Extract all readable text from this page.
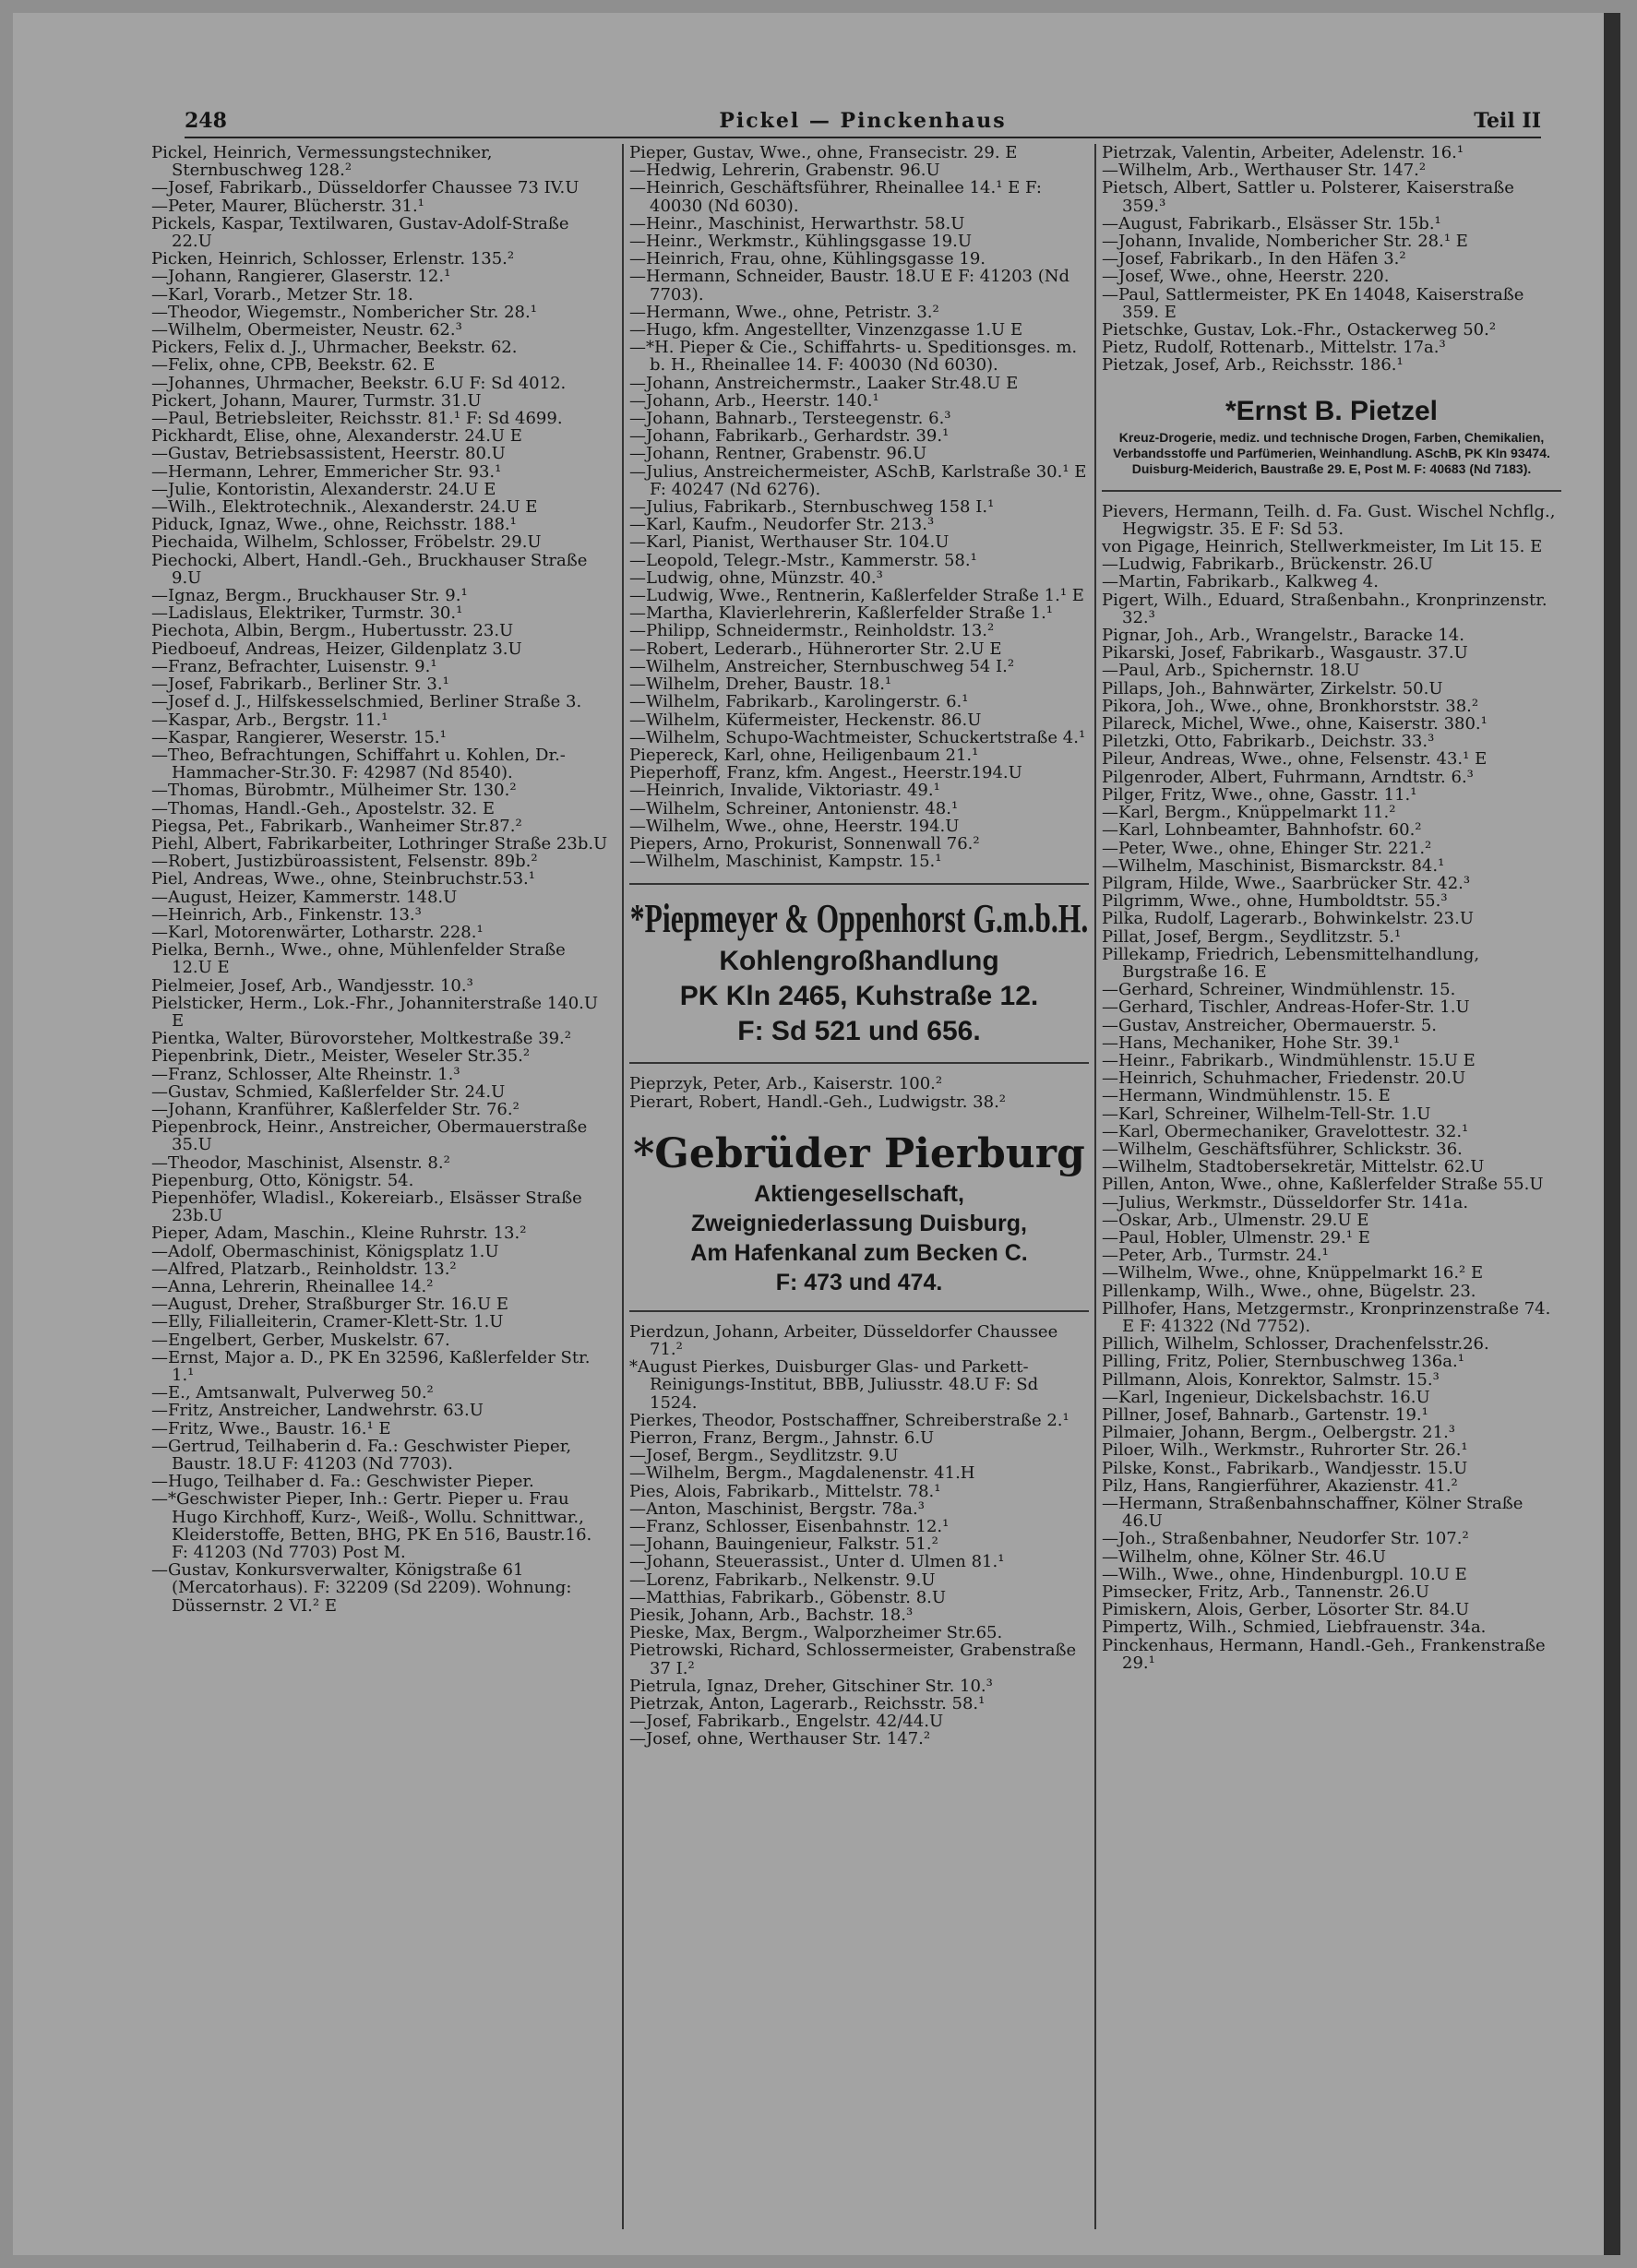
248	Pickel — Pinckenhaus	Teil II
Pickel, Heinrich, Vermessungstechniker, Sternbuschweg 128.²
—Josef, Fabrikarb., Düsseldorfer Chaussee 73 IV.U
—Peter, Maurer, Blücherstr. 31.¹
Pickels, Kaspar, Textilwaren, Gustav-Adolf-Straße 22.U
Picken, Heinrich, Schlosser, Erlenstr. 135.²
—Johann, Rangierer, Glaserstr. 12.¹
—Karl, Vorarb., Metzer Str. 18.
—Theodor, Wiegemstr., Nombericher Str. 28.¹
—Wilhelm, Obermeister, Neustr. 62.³
Pickers, Felix d. J., Uhrmacher, Beekstr. 62.
—Felix, ohne, CPB, Beekstr. 62. E
—Johannes, Uhrmacher, Beekstr. 6.U F: Sd 4012.
Pickert, Johann, Maurer, Turmstr. 31.U
—Paul, Betriebsleiter, Reichsstr. 81.¹ F: Sd 4699.
Pickhardt, Elise, ohne, Alexanderstr. 24.U E
—Gustav, Betriebsassistent, Heerstr. 80.U
—Hermann, Lehrer, Emmericher Str. 93.¹
—Julie, Kontoristin, Alexanderstr. 24.U E
—Wilh., Elektrotechnik., Alexanderstr. 24.U E
Piduck, Ignaz, Wwe., ohne, Reichsstr. 188.¹
Piechaida, Wilhelm, Schlosser, Fröbelstr. 29.U
Piechocki, Albert, Handl.-Geh., Bruckhauser Straße 9.U
—Ignaz, Bergm., Bruckhauser Str. 9.¹
—Ladislaus, Elektriker, Turmstr. 30.¹
Piechota, Albin, Bergm., Hubertusstr. 23.U
Piedboeuf, Andreas, Heizer, Gildenplatz 3.U
—Franz, Befrachter, Luisenstr. 9.¹
—Josef, Fabrikarb., Berliner Str. 3.¹
—Josef d. J., Hilfskesselschmied, Berliner Straße 3.
—Kaspar, Arb., Bergstr. 11.¹
—Kaspar, Rangierer, Weserstr. 15.¹
—Theo, Befrachtungen, Schiffahrt u. Kohlen, Dr.-Hammacher-Str.30. F: 42987 (Nd 8540).
—Thomas, Bürobmtr., Mülheimer Str. 130.²
—Thomas, Handl.-Geh., Apostelstr. 32. E
Piegsa, Pet., Fabrikarb., Wanheimer Str.87.²
Piehl, Albert, Fabrikarbeiter, Lothringer Straße 23b.U
—Robert, Justizbüroassistent, Felsenstr. 89b.²
Piel, Andreas, Wwe., ohne, Steinbruchstr.53.¹
—August, Heizer, Kammerstr. 148.U
—Heinrich, Arb., Finkenstr. 13.³
—Karl, Motorenwärter, Lotharstr. 228.¹
Pielka, Bernh., Wwe., ohne, Mühlenfelder Straße 12.U E
Pielmeier, Josef, Arb., Wandjesstr. 10.³
Pielsticker, Herm., Lok.-Fhr., Johanniterstraße 140.U E
Pientka, Walter, Bürovorsteher, Moltkestraße 39.²
Piepenbrink, Dietr., Meister, Weseler Str.35.²
—Franz, Schlosser, Alte Rheinstr. 1.³
—Gustav, Schmied, Kaßlerfelder Str. 24.U
—Johann, Kranführer, Kaßlerfelder Str. 76.²
Piepenbrock, Heinr., Anstreicher, Obermauerstraße 35.U
—Theodor, Maschinist, Alsenstr. 8.²
Piepenburg, Otto, Königstr. 54.
Piepenhöfer, Wladisl., Kokereiarb., Elsässer Straße 23b.U
Pieper, Adam, Maschin., Kleine Ruhrstr. 13.²
—Adolf, Obermaschinist, Königsplatz 1.U
—Alfred, Platzarb., Reinholdstr. 13.²
—Anna, Lehrerin, Rheinallee 14.²
—August, Dreher, Straßburger Str. 16.U E
—Elly, Filialleiterin, Cramer-Klett-Str. 1.U
—Engelbert, Gerber, Muskelstr. 67.
—Ernst, Major a. D., PK En 32596, Kaßlerfelder Str. 1.¹
—E., Amtsanwalt, Pulverweg 50.²
—Fritz, Anstreicher, Landwehrstr. 63.U
—Fritz, Wwe., Baustr. 16.¹ E
—Gertrud, Teilhaberin d. Fa.: Geschwister Pieper, Baustr. 18.U F: 41203 (Nd 7703).
—Hugo, Teilhaber d. Fa.: Geschwister Pieper.
—*Geschwister Pieper, Inh.: Gertr. Pieper u. Frau Hugo Kirchhoff, Kurz-, Weiß-, Wollu. Schnittwar., Kleiderstoffe, Betten, BHG, PK En 516, Baustr.16. F: 41203 (Nd 7703) Post M.
—Gustav, Konkursverwalter, Königstraße 61 (Mercatorhaus). F: 32209 (Sd 2209). Wohnung: Düssernstr. 2 VI.² E
Pieper, Gustav, Wwe., ohne, Fransecistr. 29. E
—Hedwig, Lehrerin, Grabenstr. 96.U
—Heinrich, Geschäftsführer, Rheinallee 14.¹ E F: 40030 (Nd 6030).
—Heinr., Maschinist, Herwarthstr. 58.U
—Heinr., Werkmstr., Kühlingsgasse 19.U
—Heinrich, Frau, ohne, Kühlingsgasse 19.
—Hermann, Schneider, Baustr. 18.U E F: 41203 (Nd 7703).
—Hermann, Wwe., ohne, Petristr. 3.²
—Hugo, kfm. Angestellter, Vinzenzgasse 1.U E
—*H. Pieper & Cie., Schiffahrts- u. Speditionsges. m. b. H., Rheinallee 14. F: 40030 (Nd 6030).
—Johann, Anstreichermstr., Laaker Str.48.U E
—Johann, Arb., Heerstr. 140.¹
—Johann, Bahnarb., Tersteegenstr. 6.³
—Johann, Fabrikarb., Gerhardstr. 39.¹
—Johann, Rentner, Grabenstr. 96.U
—Julius, Anstreichermeister, ASchB, Karlstraße 30.¹ E F: 40247 (Nd 6276).
—Julius, Fabrikarb., Sternbuschweg 158 I.¹
—Karl, Kaufm., Neudorfer Str. 213.³
—Karl, Pianist, Werthauser Str. 104.U
—Leopold, Telegr.-Mstr., Kammerstr. 58.¹
—Ludwig, ohne, Münzstr. 40.³
—Ludwig, Wwe., Rentnerin, Kaßlerfelder Straße 1.¹ E
—Martha, Klavierlehrerin, Kaßlerfelder Straße 1.¹
—Philipp, Schneidermstr., Reinholdstr. 13.²
—Robert, Lederarb., Hühnerorter Str. 2.U E
—Wilhelm, Anstreicher, Sternbuschweg 54 I.²
—Wilhelm, Dreher, Baustr. 18.¹
—Wilhelm, Fabrikarb., Karolingerstr. 6.¹
—Wilhelm, Küfermeister, Heckenstr. 86.U
—Wilhelm, Schupo-Wachtmeister, Schuckertstraße 4.¹
Piepereck, Karl, ohne, Heiligenbaum 21.¹
Pieperhoff, Franz, kfm. Angest., Heerstr.194.U
—Heinrich, Invalide, Viktoriastr. 49.¹
—Wilhelm, Schreiner, Antonienstr. 48.¹
—Wilhelm, Wwe., ohne, Heerstr. 194.U
Piepers, Arno, Prokurist, Sonnenwall 76.²
—Wilhelm, Maschinist, Kampstr. 15.¹
*Piepmeyer & Oppenhorst G.m.b.H.
Kohlengroßhandlung
PK Kln 2465, Kuhstraße 12.
F: Sd 521 und 656.
Pieprzyk, Peter, Arb., Kaiserstr. 100.²
Pierart, Robert, Handl.-Geh., Ludwigstr. 38.²
*Gebrüder Pierburg
Aktiengesellschaft,
Zweigniederlassung Duisburg,
Am Hafenkanal zum Becken C.
F: 473 und 474.
Pierdzun, Johann, Arbeiter, Düsseldorfer Chaussee 71.²
*August Pierkes, Duisburger Glas- und Parkett-Reinigungs-Institut, BBB, Juliusstr. 48.U F: Sd 1524.
Pierkes, Theodor, Postschaffner, Schreiberstraße 2.¹
Pierron, Franz, Bergm., Jahnstr. 6.U
—Josef, Bergm., Seydlitzstr. 9.U
—Wilhelm, Bergm., Magdalenenstr. 41.H
Pies, Alois, Fabrikarb., Mittelstr. 78.¹
—Anton, Maschinist, Bergstr. 78a.³
—Franz, Schlosser, Eisenbahnstr. 12.¹
—Johann, Bauingenieur, Falkstr. 51.²
—Johann, Steuerassist., Unter d. Ulmen 81.¹
—Lorenz, Fabrikarb., Nelkenstr. 9.U
—Matthias, Fabrikarb., Göbenstr. 8.U
Piesik, Johann, Arb., Bachstr. 18.³
Pieske, Max, Bergm., Walporzheimer Str.65.
Pietrowski, Richard, Schlossermeister, Grabenstraße 37 I.²
Pietrula, Ignaz, Dreher, Gitschiner Str. 10.³
Pietrzak, Anton, Lagerarb., Reichsstr. 58.¹
—Josef, Fabrikarb., Engelstr. 42/44.U
—Josef, ohne, Werthauser Str. 147.²
Pietrzak, Valentin, Arbeiter, Adelenstr. 16.¹
—Wilhelm, Arb., Werthauser Str. 147.²
Pietsch, Albert, Sattler u. Polsterer, Kaiserstraße 359.³
—August, Fabrikarb., Elsässer Str. 15b.¹
—Johann, Invalide, Nombericher Str. 28.¹ E
—Josef, Fabrikarb., In den Häfen 3.²
—Josef, Wwe., ohne, Heerstr. 220.
—Paul, Sattlermeister, PK En 14048, Kaiserstraße 359. E
Pietschke, Gustav, Lok.-Fhr., Ostackerweg 50.²
Pietz, Rudolf, Rottenarb., Mittelstr. 17a.³
Pietzak, Josef, Arb., Reichsstr. 186.¹
*Ernst B. Pietzel
Kreuz-Drogerie, mediz. und technische Drogen, Farben, Chemikalien, Verbandsstoffe und Parfümerien, Weinhandlung. ASchB, PK Kln 93474. Duisburg-Meiderich, Baustraße 29. E, Post M. F: 40683 (Nd 7183).
Pievers, Hermann, Teilh. d. Fa. Gust. Wischel Nchflg., Hegwigstr. 35. E F: Sd 53.
von Pigage, Heinrich, Stellwerkmeister, Im Lit 15. E
—Ludwig, Fabrikarb., Brückenstr. 26.U
—Martin, Fabrikarb., Kalkweg 4.
Pigert, Wilh., Eduard, Straßenbahn., Kronprinzenstr. 32.³
Pignar, Joh., Arb., Wrangelstr., Baracke 14.
Pikarski, Josef, Fabrikarb., Wasgaustr. 37.U
—Paul, Arb., Spichernstr. 18.U
Pillaps, Joh., Bahnwärter, Zirkelstr. 50.U
Pikora, Joh., Wwe., ohne, Bronkhorststr. 38.²
Pilareck, Michel, Wwe., ohne, Kaiserstr. 380.¹
Piletzki, Otto, Fabrikarb., Deichstr. 33.³
Pileur, Andreas, Wwe., ohne, Felsenstr. 43.¹ E
Pilgenroder, Albert, Fuhrmann, Arndtstr. 6.³
Pilger, Fritz, Wwe., ohne, Gasstr. 11.¹
—Karl, Bergm., Knüppelmarkt 11.²
—Karl, Lohnbeamter, Bahnhofstr. 60.²
—Peter, Wwe., ohne, Ehinger Str. 221.²
—Wilhelm, Maschinist, Bismarckstr. 84.¹
Pilgram, Hilde, Wwe., Saarbrücker Str. 42.³
Pilgrimm, Wwe., ohne, Humboldtstr. 55.³
Pilka, Rudolf, Lagerarb., Bohwinkelstr. 23.U
Pillat, Josef, Bergm., Seydlitzstr. 5.¹
Pillekamp, Friedrich, Lebensmittelhandlung, Burgstraße 16. E
—Gerhard, Schreiner, Windmühlenstr. 15.
—Gerhard, Tischler, Andreas-Hofer-Str. 1.U
—Gustav, Anstreicher, Obermauerstr. 5.
—Hans, Mechaniker, Hohe Str. 39.¹
—Heinr., Fabrikarb., Windmühlenstr. 15.U E
—Heinrich, Schuhmacher, Friedenstr. 20.U
—Hermann, Windmühlenstr. 15. E
—Karl, Schreiner, Wilhelm-Tell-Str. 1.U
—Karl, Obermechaniker, Gravelottestr. 32.¹
—Wilhelm, Geschäftsführer, Schlickstr. 36.
—Wilhelm, Stadtobersekretär, Mittelstr. 62.U
Pillen, Anton, Wwe., ohne, Kaßlerfelder Straße 55.U
—Julius, Werkmstr., Düsseldorfer Str. 141a.
—Oskar, Arb., Ulmenstr. 29.U E
—Paul, Hobler, Ulmenstr. 29.¹ E
—Peter, Arb., Turmstr. 24.¹
—Wilhelm, Wwe., ohne, Knüppelmarkt 16.² E
Pillenkamp, Wilh., Wwe., ohne, Bügelstr. 23.
Pillhofer, Hans, Metzgermstr., Kronprinzenstraße 74. E F: 41322 (Nd 7752).
Pillich, Wilhelm, Schlosser, Drachenfelsstr.26.
Pilling, Fritz, Polier, Sternbuschweg 136a.¹
Pillmann, Alois, Konrektor, Salmstr. 15.³
—Karl, Ingenieur, Dickelsbachstr. 16.U
Pillner, Josef, Bahnarb., Gartenstr. 19.¹
Pilmaier, Johann, Bergm., Oelbergstr. 21.³
Piloer, Wilh., Werkmstr., Ruhrorter Str. 26.¹
Pilske, Konst., Fabrikarb., Wandjesstr. 15.U
Pilz, Hans, Rangierführer, Akazienstr. 41.²
—Hermann, Straßenbahnschaffner, Kölner Straße 46.U
—Joh., Straßenbahner, Neudorfer Str. 107.²
—Wilhelm, ohne, Kölner Str. 46.U
—Wilh., Wwe., ohne, Hindenburgpl. 10.U E
Pimsecker, Fritz, Arb., Tannenstr. 26.U
Pimiskern, Alois, Gerber, Lösorter Str. 84.U
Pimpertz, Wilh., Schmied, Liebfrauenstr. 34a.
Pinckenhaus, Hermann, Handl.-Geh., Frankenstraße 29.¹
